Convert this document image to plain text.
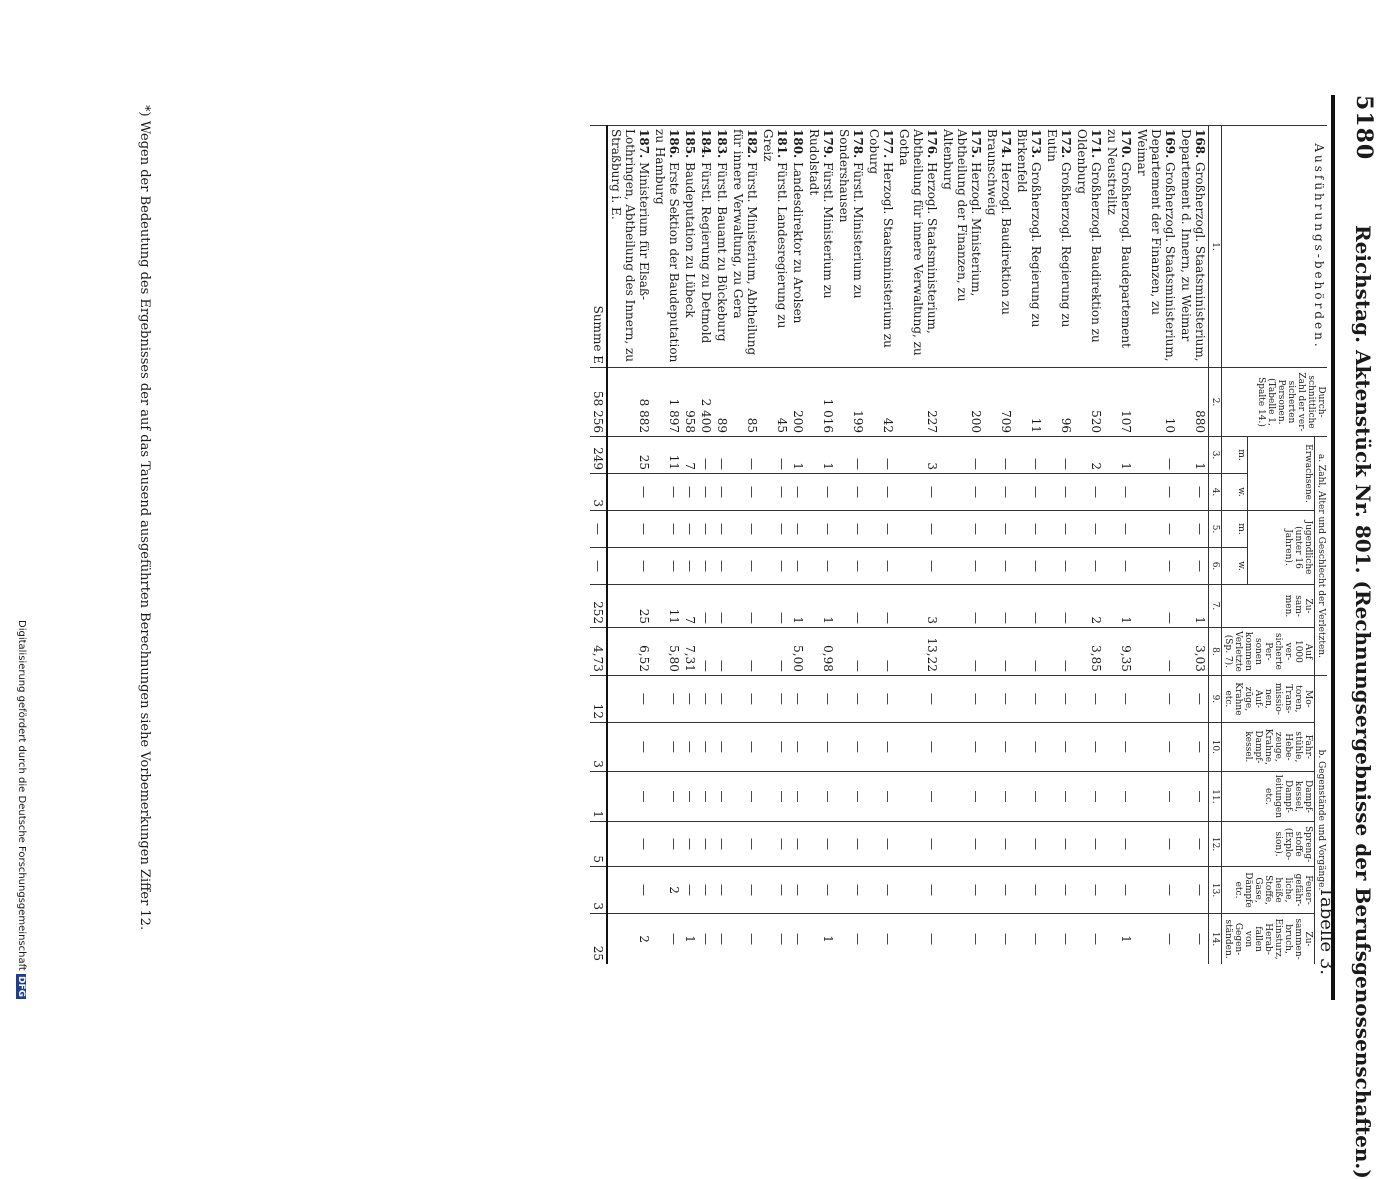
5180
Reichstag. Aktenstück Nr. 801. (Rechnungsergebnisse der Berufsgenossenschaften.)
Tabelle 3.
Ausführungs-behörden.	Durch-schnittliche Zahl der ver-sicherten Personen. (Tabelle 1, Spalte 14.)	a. Zahl, Alter und Geschlecht der Verletzten.						b. Gegenstände und Vorgänge.					
		Erwachsene.		Jugendliche (unter 16 Jahren).		Zu-sam-men.	Auf 1000 ver-sicherte Per-sonen kommen Verletzte (Sp. 7).	Mo-toren, Trans-missio-nen, Auf-züge, Krahne etc.	Fahr-stühle, Hebe-zeuge, Krahne, Dampf-kessel.	Dampf-kessel, Dampf-leitungen etc.	Spreng-stoffe (Explo-sion).	Feuer-gefähr-liche, heiße Stoffe, Gase, Dämpfe etc.	Zu-sammen-bruch, Einsturz, Herab-fallen von Gegen-ständen.
		m.	w.	m.	w.								
1.	2.	3.	4.	5.	6.	7.	8.	9.	10.	11.	12.	13.	14.
168. Großherzogl. Staatsministerium, Departement d. Innern, zu Weimar	880	1	—	—	—	1	3,03	—	—	—	—	—	—
169. Großherzogl. Staatsministerium, Departement der Finanzen, zu Weimar	10	—	—	—	—	—	—	—	—	—	—	—	—
170. Großherzogl. Baudepartement zu Neustrelitz	107	1	—	—	—	1	9,35	—	—	—	—	—	1
171. Großherzogl. Baudirektion zu Oldenburg	520	2	—	—	—	2	3,85	—	—	—	—	—	—
172. Großherzogl. Regierung zu Eutin	96	—	—	—	—	—	—	—	—	—	—	—	—
173. Großherzogl. Regierung zu Birkenfeld	11	—	—	—	—	—	—	—	—	—	—	—	—
174. Herzogl. Baudirektion zu Braunschweig	709	—	—	—	—	—	—	—	—	—	—	—	—
175. Herzogl. Ministerium, Abtheilung der Finanzen, zu Altenburg	200	—	—	—	—	—	—	—	—	—	—	—	—
176. Herzogl. Staatsministerium, Abtheilung für innere Verwaltung, zu Gotha	227	3	—	—	—	3	13,22	—	—	—	—	—	—
177. Herzogl. Staatsministerium zu Coburg	42	—	—	—	—	—	—	—	—	—	—	—	—
178. Fürstl. Ministerium zu Sondershausen	199	—	—	—	—	—	—	—	—	—	—	—	—
179. Fürstl. Ministerium zu Rudolstadt	1 016	1	—	—	—	1	0,98	—	—	—	—	—	1
180. Landesdirektor zu Arolsen	200	1	—	—	—	1	5,00	—	—	—	—	—	—
181. Fürstl. Landesregierung zu Greiz	45	—	—	—	—	—	—	—	—	—	—	—	—
182. Fürstl. Ministerium, Abtheilung für innere Verwaltung, zu Gera	85	—	—	—	—	—	—	—	—	—	—	—	—
183. Fürstl. Bauamt zu Bückeburg	89	—	—	—	—	—	—	—	—	—	—	—	—
184. Fürstl. Regierung zu Detmold	2 400	—	—	—	—	—	—	—	—	—	—	—	—
185. Baudeputation zu Lübeck	958	7	—	—	—	7	7,31	—	—	—	—	—	1
186. Erste Sektion der Baudeputation zu Hamburg	1 897	11	—	—	—	11	5,80	—	—	—	—	2	—
187. Ministerium für Elsaß-Lothringen, Abtheilung des Innern, zu Straßburg i. E.	8 882	25	—	—	—	25	6,52	—	—	—	—	—	2
Summe E	58 256	249	3	—	—	252	4,73	12	3	1	5	3	25
*) Wegen der Bedeutung des Ergebnisses der auf das Tausend ausgeführten Berechnungen siehe Vorbemerkungen Ziffer 12.
Digitalisierung gefördert durch die Deutsche Forschungsgemeinschaft DFG
